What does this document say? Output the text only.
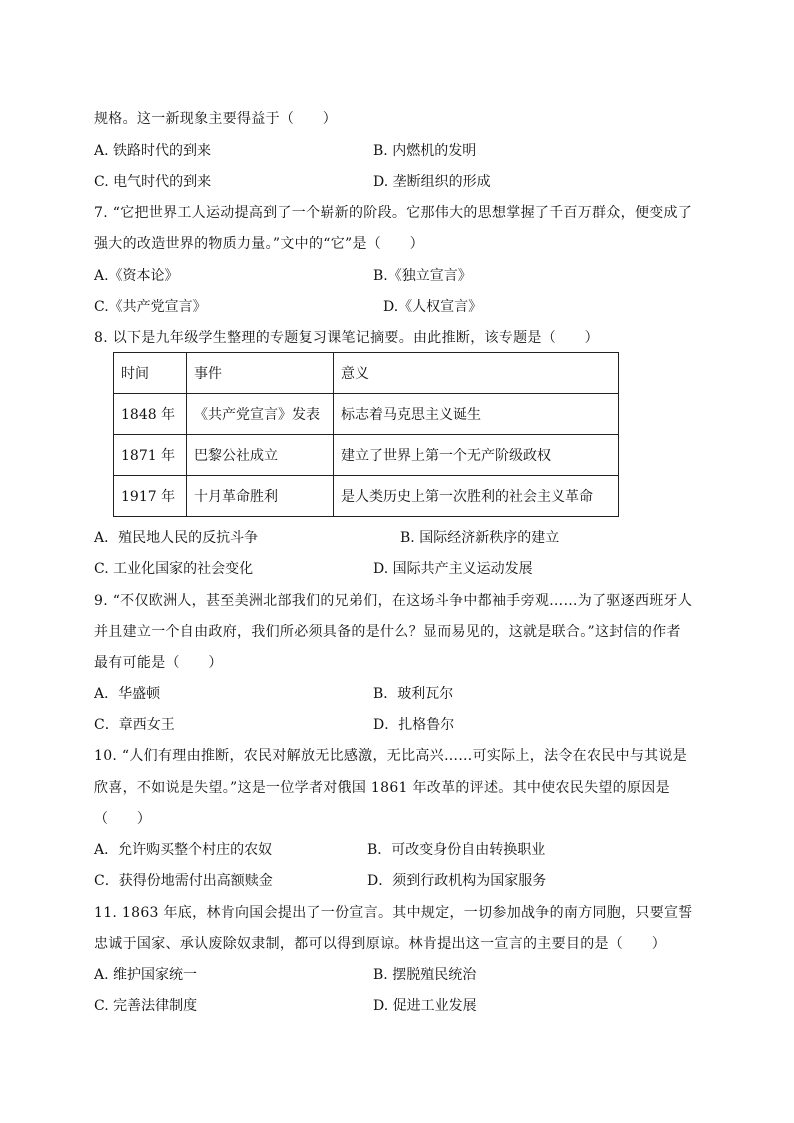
规格。这一新现象主要得益于（　　）
A. 铁路时代的到来	B. 内燃机的发明
C. 电气时代的到来	D. 垄断组织的形成
7. “它把世界工人运动提高到了一个崭新的阶段。它那伟大的思想掌握了千百万群众，便变成了
强大的改造世界的物质力量。”文中的“它”是（　　）
A.《资本论》	B.《独立宣言》
C.《共产党宣言》	D.《人权宣言》
8. 以下是九年级学生整理的专题复习课笔记摘要。由此推断，该专题是（　　）
时间	事件	意义
1848 年	《共产党宣言》发表	标志着马克思主义诞生
1871 年	巴黎公社成立	建立了世界上第一个无产阶级政权
1917 年	十月革命胜利	是人类历史上第一次胜利的社会主义革命
A．殖民地人民的反抗斗争	B. 国际经济新秩序的建立
C. 工业化国家的社会变化	D. 国际共产主义运动发展
9. “不仅欧洲人，甚至美洲北部我们的兄弟们，在这场斗争中都袖手旁观……为了驱逐西班牙人
并且建立一个自由政府，我们所必须具备的是什么？显而易见的，这就是联合。”这封信的作者
最有可能是（　　）
A．华盛顿	B．玻利瓦尔
C．章西女王	D．扎格鲁尔
10. “人们有理由推断，农民对解放无比感激，无比高兴……可实际上，法令在农民中与其说是
欣喜，不如说是失望。”这是一位学者对俄国 1861 年改革的评述。其中使农民失望的原因是
（　　）
A．允许购买整个村庄的农奴	B．可改变身份自由转换职业
C．获得份地需付出高额赎金	D．须到行政机构为国家服务
11. 1863 年底，林肯向国会提出了一份宣言。其中规定，一切参加战争的南方同胞，只要宣誓
忠诚于国家、承认废除奴隶制，都可以得到原谅。林肯提出这一宣言的主要目的是（　　）
A. 维护国家统一	B. 摆脱殖民统治
C. 完善法律制度	D. 促进工业发展
